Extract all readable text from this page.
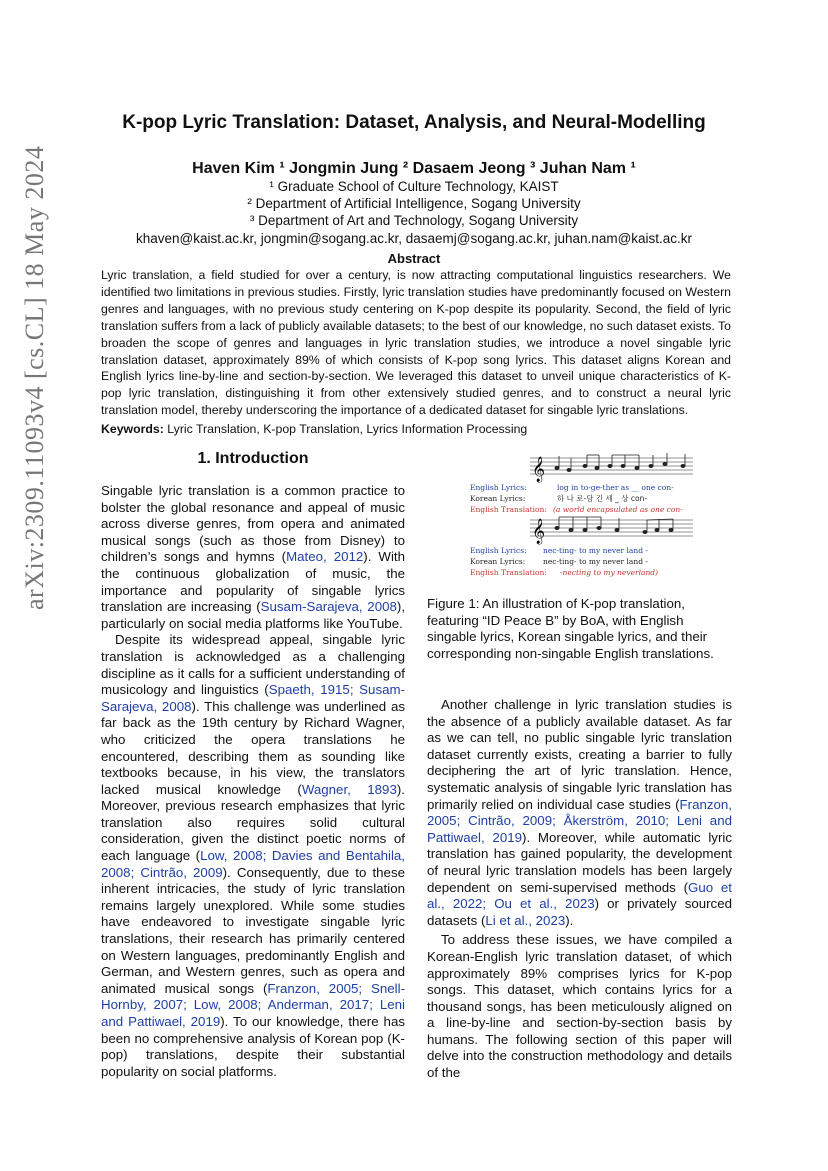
arXiv:2309.11093v4 [cs.CL] 18 May 2024
K-pop Lyric Translation: Dataset, Analysis, and Neural-Modelling
Haven Kim ¹ Jongmin Jung ² Dasaem Jeong ³ Juhan Nam ¹
¹ Graduate School of Culture Technology, KAIST
² Department of Artificial Intelligence, Sogang University
³ Department of Art and Technology, Sogang University
khaven@kaist.ac.kr, jongmin@sogang.ac.kr, dasaemj@sogang.ac.kr, juhan.nam@kaist.ac.kr
Abstract
Lyric translation, a field studied for over a century, is now attracting computational linguistics researchers. We identified two limitations in previous studies. Firstly, lyric translation studies have predominantly focused on Western genres and languages, with no previous study centering on K-pop despite its popularity. Second, the field of lyric translation suffers from a lack of publicly available datasets; to the best of our knowledge, no such dataset exists. To broaden the scope of genres and languages in lyric translation studies, we introduce a novel singable lyric translation dataset, approximately 89% of which consists of K-pop song lyrics. This dataset aligns Korean and English lyrics line-by-line and section-by-section. We leveraged this dataset to unveil unique characteristics of K-pop lyric translation, distinguishing it from other extensively studied genres, and to construct a neural lyric translation model, thereby underscoring the importance of a dedicated dataset for singable lyric translations.
Keywords: Lyric Translation, K-pop Translation, Lyrics Information Processing
1. Introduction

Singable lyric translation is a common practice to bolster the global resonance and appeal of music across diverse genres, from opera and animated musical songs (such as those from Disney) to children’s songs and hymns (Mateo, 2012). With the continuous globalization of music, the importance and popularity of singable lyrics translation are increasing (Susam-Sarajeva, 2008), particularly on social media platforms like YouTube.

Despite its widespread appeal, singable lyric translation is acknowledged as a challenging discipline as it calls for a sufficient understanding of musicology and linguistics (Spaeth, 1915; Susam-Sarajeva, 2008). This challenge was underlined as far back as the 19th century by Richard Wagner, who criticized the opera translations he encountered, describing them as sounding like textbooks because, in his view, the translators lacked musical knowledge (Wagner, 1893). Moreover, previous research emphasizes that lyric translation also requires solid cultural consideration, given the distinct poetic norms of each language (Low, 2008; Davies and Bentahila, 2008; Cintrão, 2009). Consequently, due to these inherent intricacies, the study of lyric translation remains largely unexplored. While some studies have endeavored to investigate singable lyric translations, their research has primarily centered on Western languages, predominantly English and German, and Western genres, such as opera and animated musical songs (Franzon, 2005; Snell-Hornby, 2007; Low, 2008; Anderman, 2017; Leni and Pattiwael, 2019). To our knowledge, there has been no comprehensive analysis of Korean pop (K-pop) translations, despite their substantial popularity on social platforms.

𝄞
English Lyrics:	log in to-ge-ther as __ one con-
Korean Lyrics:	하 나 로-담 긴 세 _ 상 con-
English Translation: (a world encapsulated as one con-
𝄞
English Lyrics: nec-ting- to my never land -
Korean Lyrics: nec-ting- to my never land -
English Translation: -necting to my neverland)
Figure 1: An illustration of K-pop translation, featuring “ID Peace B” by BoA, with English singable lyrics, Korean singable lyrics, and their corresponding non-singable English translations.

Another challenge in lyric translation studies is the absence of a publicly available dataset. As far as we can tell, no public singable lyric translation dataset currently exists, creating a barrier to fully deciphering the art of lyric translation. Hence, systematic analysis of singable lyric translation has primarily relied on individual case studies (Franzon, 2005; Cintrão, 2009; Åkerström, 2010; Leni and Pattiwael, 2019). Moreover, while automatic lyric translation has gained popularity, the development of neural lyric translation models has been largely dependent on semi-supervised methods (Guo et al., 2022; Ou et al., 2023) or privately sourced datasets (Li et al., 2023).

To address these issues, we have compiled a Korean-English lyric translation dataset, of which approximately 89% comprises lyrics for K-pop songs. This dataset, which contains lyrics for a thousand songs, has been meticulously aligned on a line-by-line and section-by-section basis by humans. The following section of this paper will delve into the construction methodology and details of the
